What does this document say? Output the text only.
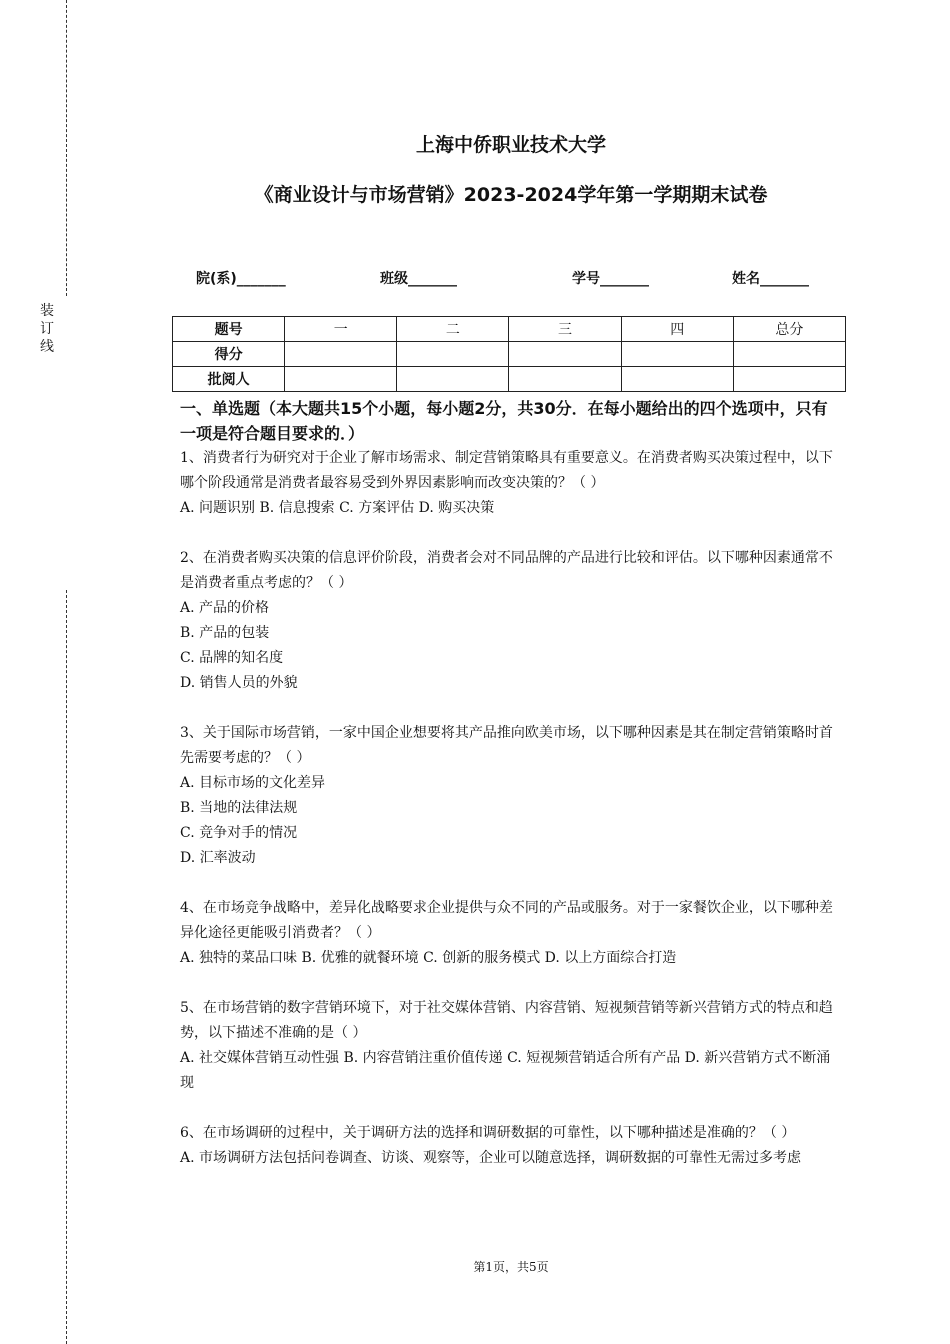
装订线
上海中侨职业技术大学
《商业设计与市场营销》2023-2024学年第一学期期末试卷
院(系)_______	班级_______	学号_______	姓名_______
题号	一	二	三	四	总分
得分					
批阅人					

一、单选题（本大题共15个小题，每小题2分，共30分．在每小题给出的四个选项中，只有一项是符合题目要求的．）

1、消费者行为研究对于企业了解市场需求、制定营销策略具有重要意义。在消费者购买决策过程中，以下哪个阶段通常是消费者最容易受到外界因素影响而改变决策的？（ ）

A. 问题识别 B. 信息搜索 C. 方案评估 D. 购买决策

2、在消费者购买决策的信息评价阶段，消费者会对不同品牌的产品进行比较和评估。以下哪种因素通常不是消费者重点考虑的？（ ）

A. 产品的价格

B. 产品的包装

C. 品牌的知名度

D. 销售人员的外貌

3、关于国际市场营销，一家中国企业想要将其产品推向欧美市场，以下哪种因素是其在制定营销策略时首先需要考虑的？（ ）

A. 目标市场的文化差异

B. 当地的法律法规

C. 竞争对手的情况

D. 汇率波动

4、在市场竞争战略中，差异化战略要求企业提供与众不同的产品或服务。对于一家餐饮企业，以下哪种差异化途径更能吸引消费者？（ ）

A. 独特的菜品口味 B. 优雅的就餐环境 C. 创新的服务模式 D. 以上方面综合打造

5、在市场营销的数字营销环境下，对于社交媒体营销、内容营销、短视频营销等新兴营销方式的特点和趋势，以下描述不准确的是（ ）

A. 社交媒体营销互动性强 B. 内容营销注重价值传递 C. 短视频营销适合所有产品 D. 新兴营销方式不断涌现

6、在市场调研的过程中，关于调研方法的选择和调研数据的可靠性，以下哪种描述是准确的？（ ）

A. 市场调研方法包括问卷调查、访谈、观察等，企业可以随意选择，调研数据的可靠性无需过多考虑

第1页，共5页
